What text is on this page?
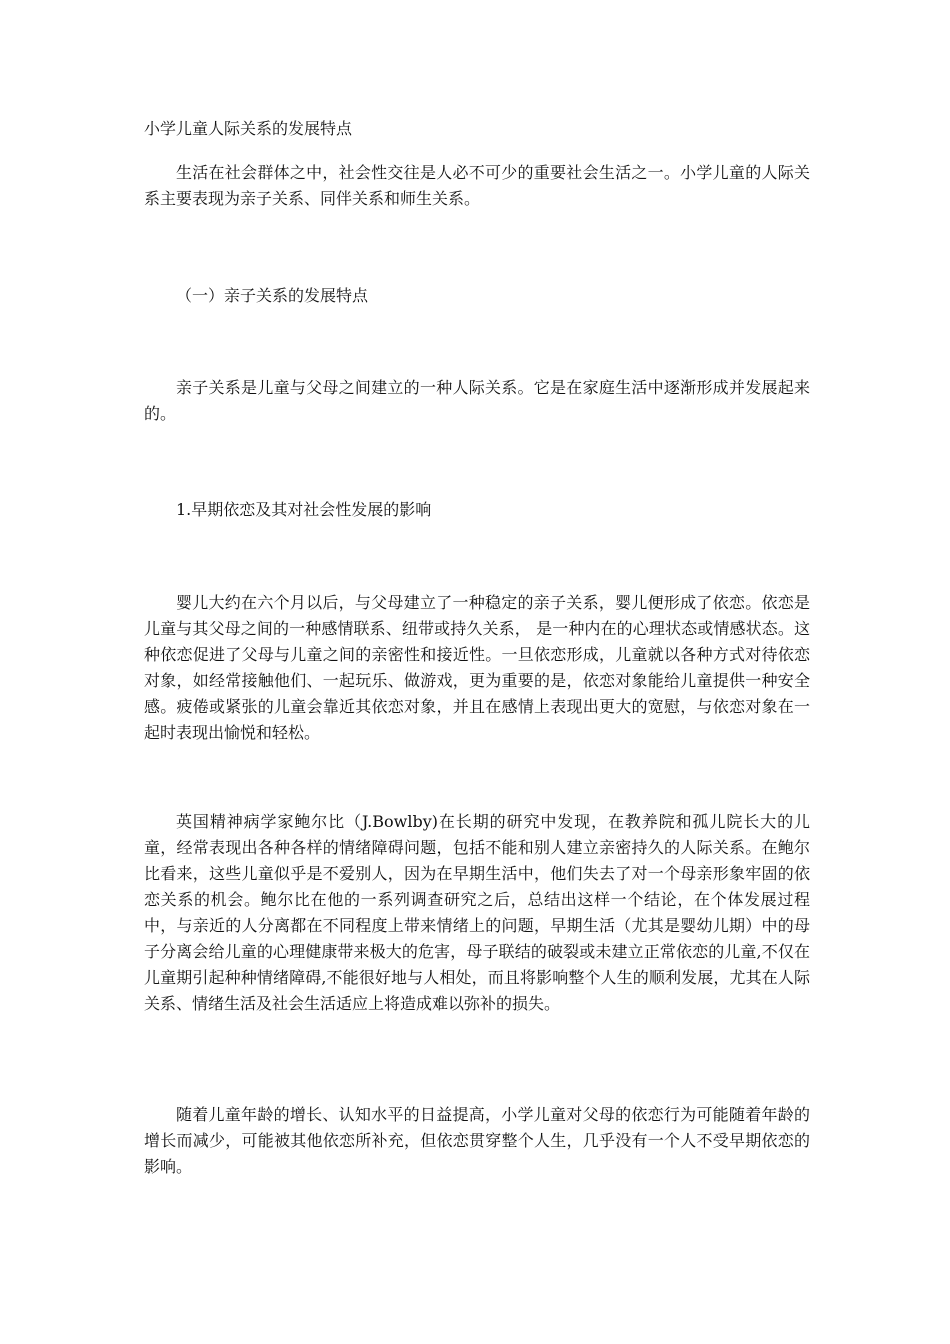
小学儿童人际关系的发展特点

生活在社会群体之中，社会性交往是人必不可少的重要社会生活之一。小学儿童的人际关系主要表现为亲子关系、同伴关系和师生关系。

（一）亲子关系的发展特点

亲子关系是儿童与父母之间建立的一种人际关系。它是在家庭生活中逐渐形成并发展起来的。

1.早期依恋及其对社会性发展的影响

婴儿大约在六个月以后，与父母建立了一种稳定的亲子关系，婴儿便形成了依恋。依恋是儿童与其父母之间的一种感情联系、纽带或持久关系， 是一种内在的心理状态或情感状态。这种依恋促进了父母与儿童之间的亲密性和接近性。一旦依恋形成，儿童就以各种方式对待依恋对象，如经常接触他们、一起玩乐、做游戏，更为重要的是，依恋对象能给儿童提供一种安全感。疲倦或紧张的儿童会靠近其依恋对象，并且在感情上表现出更大的宽慰，与依恋对象在一起时表现出愉悦和轻松。

英国精神病学家鲍尔比（J.Bowlby)在长期的研究中发现，在教养院和孤儿院长大的儿童，经常表现出各种各样的情绪障碍问题，包括不能和别人建立亲密持久的人际关系。在鲍尔比看来，这些儿童似乎是不爱别人，因为在早期生活中，他们失去了对一个母亲形象牢固的依恋关系的机会。鲍尔比在他的一系列调查研究之后，总结出这样一个结论，在个体发展过程中，与亲近的人分离都在不同程度上带来情绪上的问题，早期生活（尤其是婴幼儿期）中的母子分离会给儿童的心理健康带来极大的危害，母子联结的破裂或未建立正常依恋的儿童,不仅在儿童期引起种种情绪障碍,不能很好地与人相处，而且将影响整个人生的顺利发展，尤其在人际关系、情绪生活及社会生活适应上将造成难以弥补的损失。

随着儿童年龄的增长、认知水平的日益提高，小学儿童对父母的依恋行为可能随着年龄的增长而减少，可能被其他依恋所补充，但依恋贯穿整个人生，几乎没有一个人不受早期依恋的影响。
